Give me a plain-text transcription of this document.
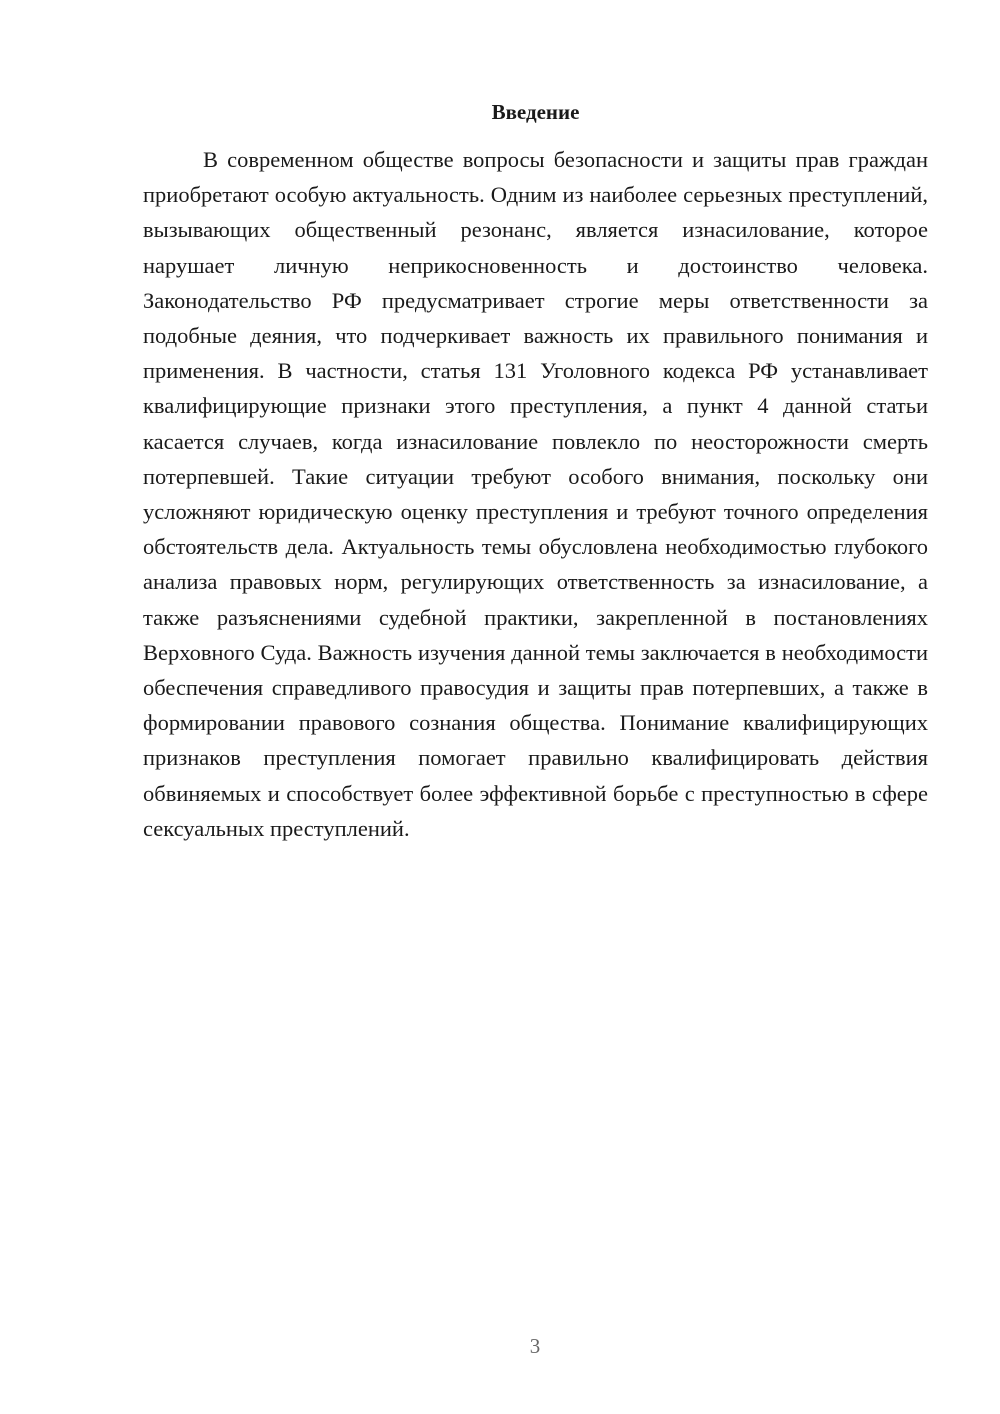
Введение

В современном обществе вопросы безопасности и защиты прав граждан приобретают особую актуальность. Одним из наиболее серьезных преступлений, вызывающих общественный резонанс, является изнасилование, которое нарушает личную неприкосновенность и достоинство человека. Законодательство РФ предусматривает строгие меры ответственности за подобные деяния, что подчеркивает важность их правильного понимания и применения. В частности, статья 131 Уголовного кодекса РФ устанавливает квалифицирующие признаки этого преступления, а пункт 4 данной статьи касается случаев, когда изнасилование повлекло по неосторожности смерть потерпевшей. Такие ситуации требуют особого внимания, поскольку они усложняют юридическую оценку преступления и требуют точного определения обстоятельств дела. Актуальность темы обусловлена необходимостью глубокого анализа правовых норм, регулирующих ответственность за изнасилование, а также разъяснениями судебной практики, закрепленной в постановлениях Верховного Суда. Важность изучения данной темы заключается в необходимости обеспечения справедливого правосудия и защиты прав потерпевших, а также в формировании правового сознания общества. Понимание квалифицирующих признаков преступления помогает правильно квалифицировать действия обвиняемых и способствует более эффективной борьбе с преступностью в сфере сексуальных преступлений.

3
